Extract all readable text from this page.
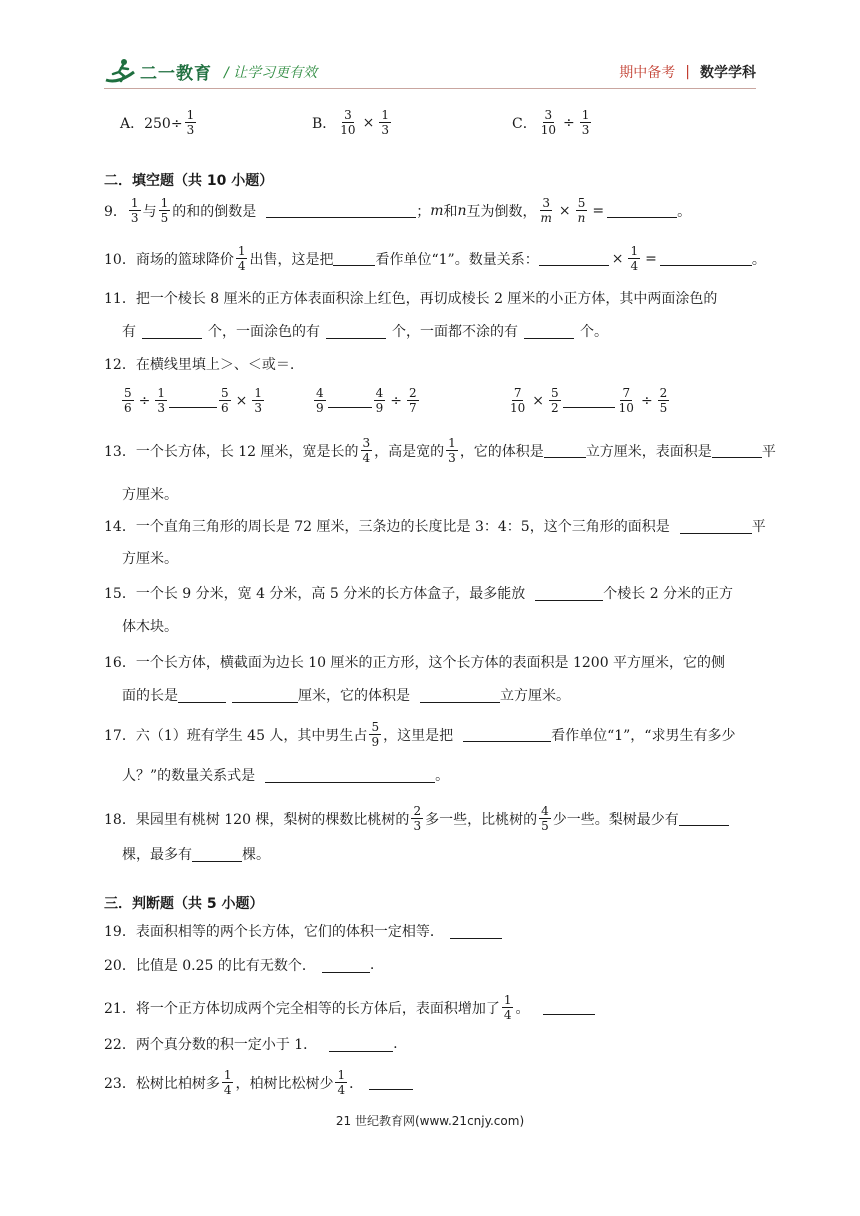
二一教育 / 让学习更有效	期中备考 | 数学学科
A．$250\div \frac{1}{3}$	B． $\frac{3}{10} \times \frac{1}{3}$	C． $\frac{3}{10} \div \frac{1}{3}$
二．填空题（共 10 小题）
9． $\frac{1}{3}$ 与 $\frac{1}{5}$ 的和的倒数是	； m 和 n 互为倒数， $\frac{3}{m} \times \frac{5}{n}$ =	。
10．商场的篮球降价 $\frac{1}{4}$ 出售，这是把	看作单位“1”。数量关系：	× $\frac{1}{4}$ =	。
11．把一个棱长 8 厘米的正方体表面积涂上红色，再切成棱长 2 厘米的小正方体，其中两面涂色的
有	个，一面涂色的有	个，一面都不涂的有	个。
12．在横线里填上＞、＜或＝.
$\frac{5}{6} \div \frac{1}{3}$	$\frac{5}{6} \times \frac{1}{3}$	$\frac{4}{9}$	$\frac{4}{9} \div \frac{2}{7}$	$\frac{7}{10} \times \frac{5}{2}$	$\frac{7}{10} \div \frac{2}{5}$
13．一个长方体，长 12 厘米，宽是长的 $\frac{3}{4}$ ，高是宽的 $\frac{1}{3}$ ，它的体积是	立方厘米，表面积是	平
方厘米。
14．一个直角三角形的周长是 72 厘米，三条边的长度比是 3：4：5，这个三角形的面积是	平
方厘米。
15．一个长 9 分米，宽 4 分米，高 5 分米的长方体盒子，最多能放	个棱长 2 分米的正方
体木块。
16．一个长方体，横截面为边长 10 厘米的正方形，这个长方体的表面积是 1200 平方厘米，它的侧
面的长是	厘米，它的体积是	立方厘米。
17．六（1）班有学生 45 人，其中男生占 $\frac{5}{9}$ ，这里是把	看作单位“1”，“求男生有多少
人？”的数量关系式是	。
18．果园里有桃树 120 棵，梨树的棵数比桃树的 $\frac{2}{3}$ 多一些，比桃树的 $\frac{4}{5}$ 少一些。梨树最少有
棵，最多有	棵。
三．判断题（共 5 小题）
19．表面积相等的两个长方体，它们的体积一定相等．
20．比值是 0.25 的比有无数个．	.
21．将一个正方体切成两个完全相等的长方体后，表面积增加了 $\frac{1}{4}$ 。
22．两个真分数的积一定小于 1．	.
23．松树比柏树多 $\frac{1}{4}$ ，柏树比松树少 $\frac{1}{4}$ ．
21 世纪教育网(www.21cnjy.com)
